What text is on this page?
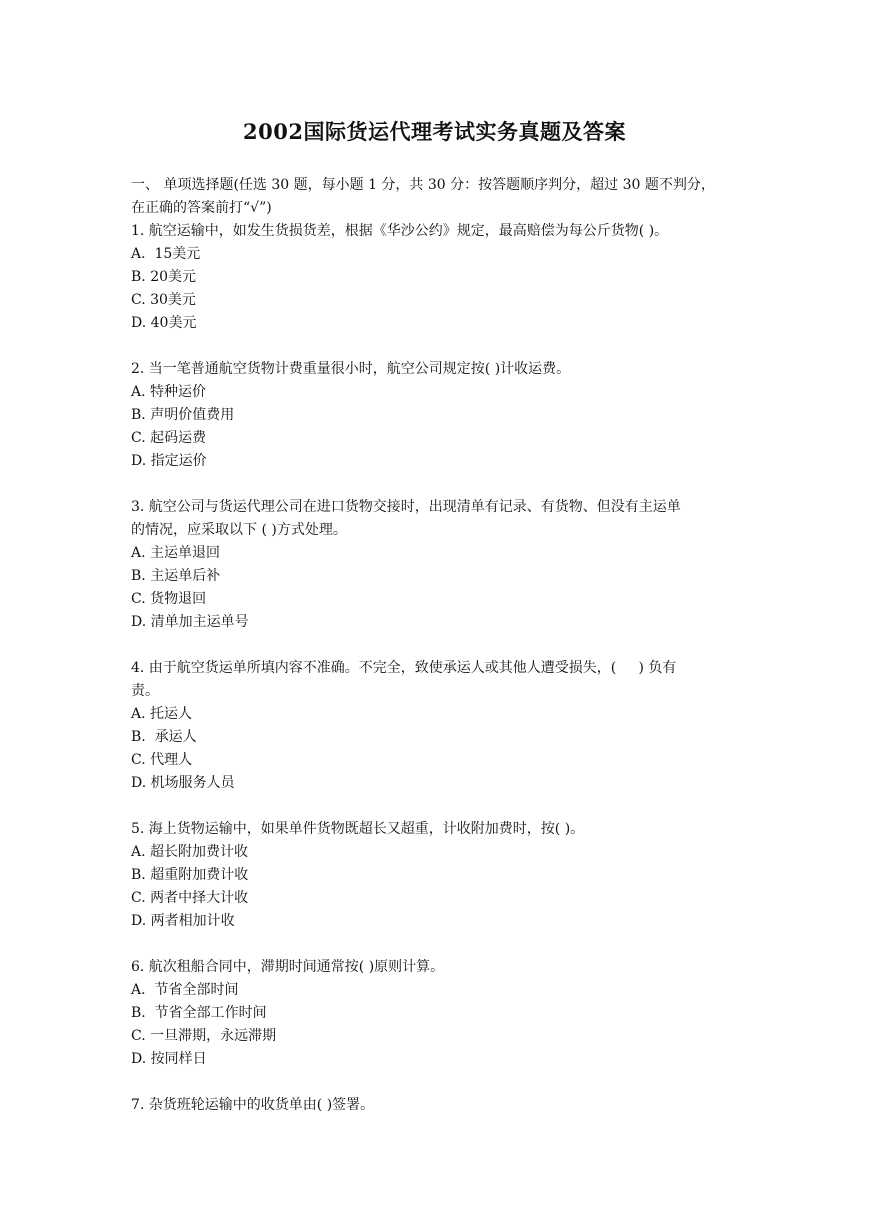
2002国际货运代理考试实务真题及答案

一、 单项选择题(任选 30 题，每小题 1 分，共 30 分：按答题顺序判分，超过 30 题不判分，

在正确的答案前打“√”)

1. 航空运输中，如发生货损货差，根据《华沙公约》规定，最高赔偿为每公斤货物( )。

A.  15美元

B. 20美元

C. 30美元

D. 40美元

2. 当一笔普通航空货物计费重量很小时，航空公司规定按( )计收运费。

A. 特种运价

B. 声明价值费用

C. 起码运费

D. 指定运价

3. 航空公司与货运代理公司在进口货物交接时，出现清单有记录、有货物、但没有主运单

的情况，应采取以下 ( )方式处理。

A. 主运单退回

B. 主运单后补

C. 货物退回

D. 清单加主运单号

4. 由于航空货运单所填内容不准确。不完全，致使承运人或其他人遭受损失，(     ) 负有

责。

A. 托运人

B.  承运人

C. 代理人

D. 机场服务人员

5. 海上货物运输中，如果单件货物既超长又超重，计收附加费时，按( )。

A. 超长附加费计收

B. 超重附加费计收

C. 两者中择大计收

D. 两者相加计收

6. 航次租船合同中，滞期时间通常按( )原则计算。

A.  节省全部时间

B.  节省全部工作时间

C. 一旦滞期，永远滞期

D. 按同样日

7. 杂货班轮运输中的收货单由( )签署。
